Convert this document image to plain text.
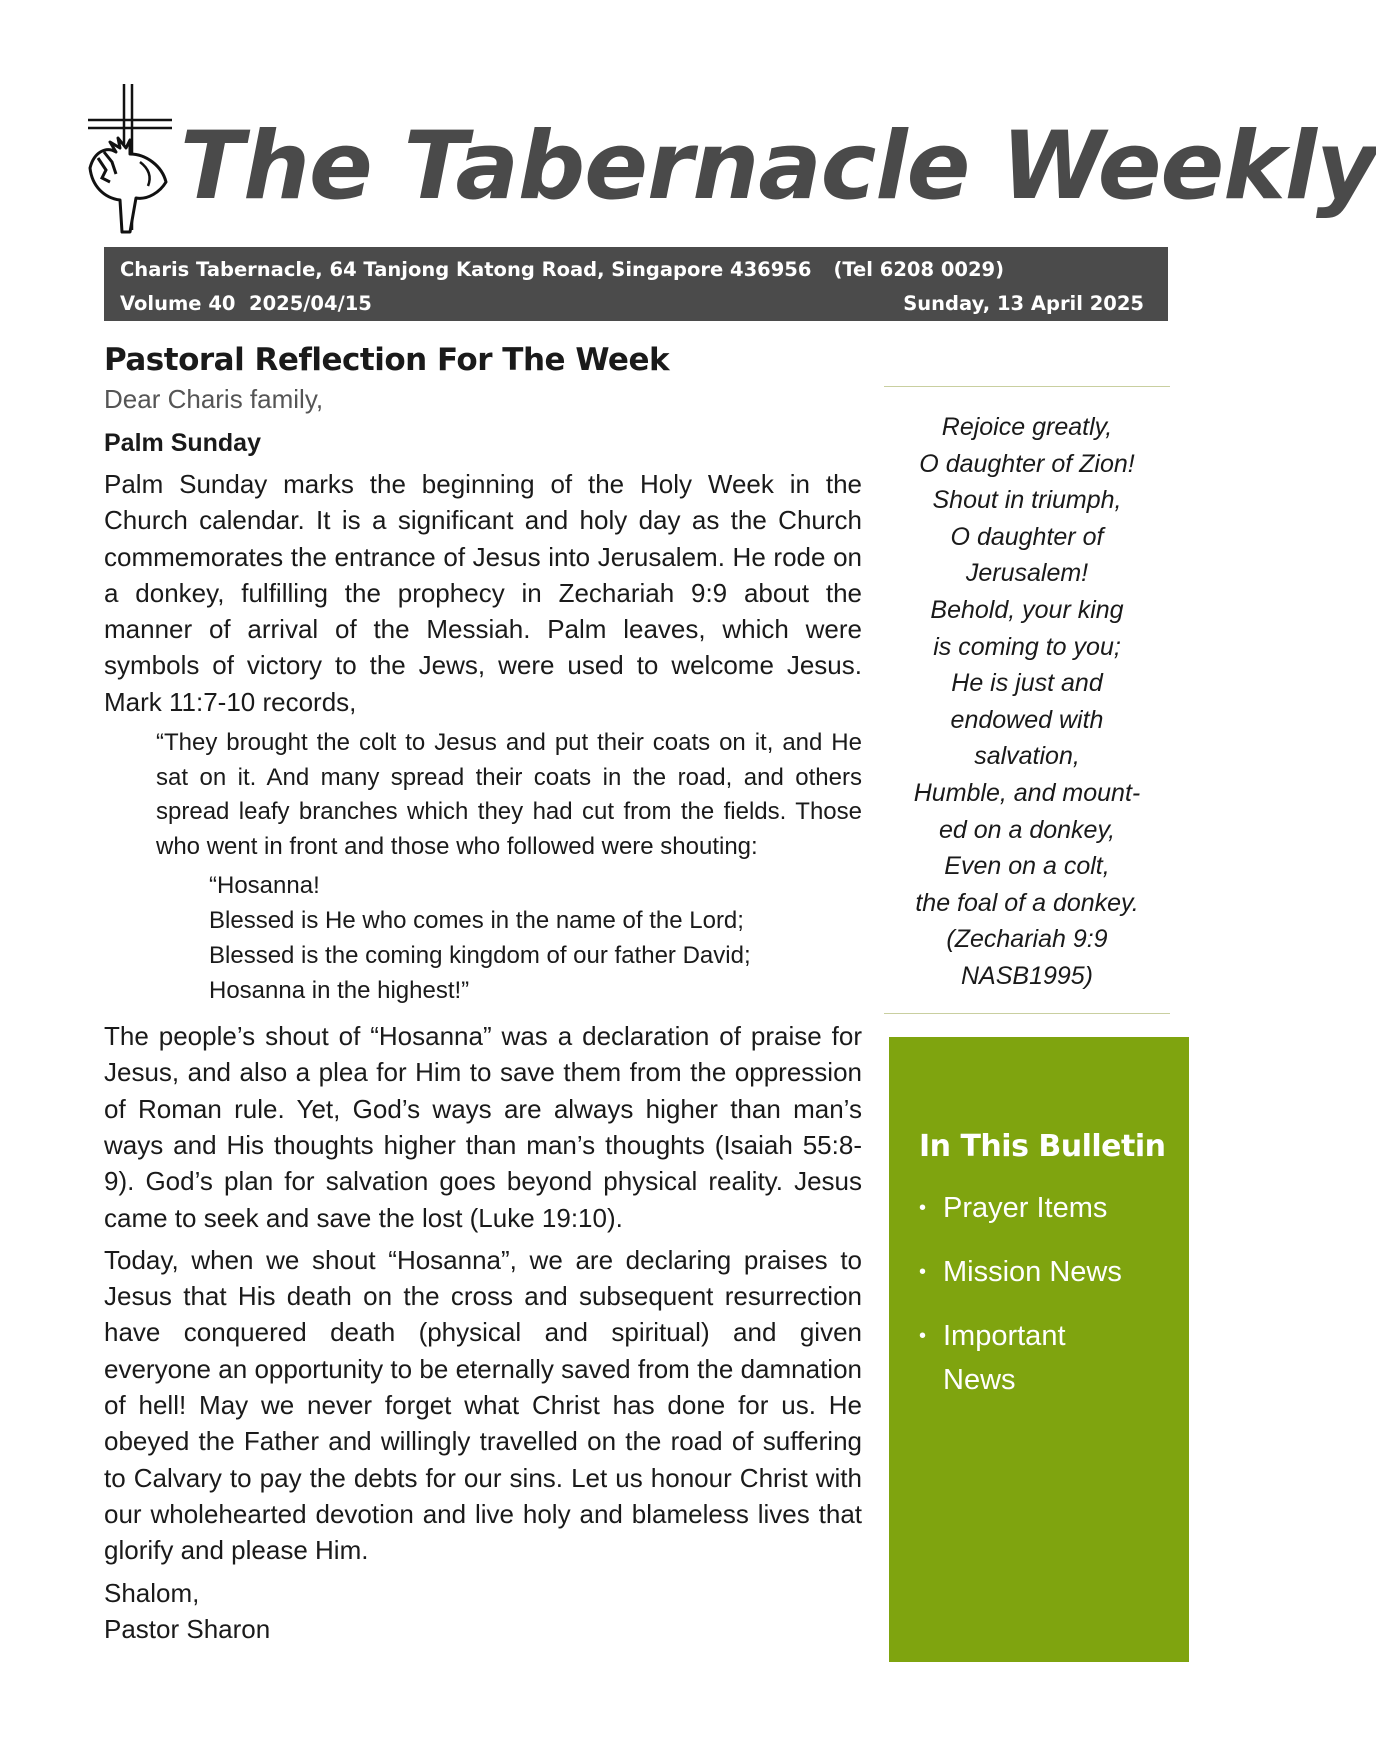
The Tabernacle Weekly
Charis Tabernacle, 64 Tanjong Katong Road, Singapore 436956 (Tel 6208 0029)
Volume 40  2025/04/15	Sunday, 13 April 2025
Pastoral Reflection For The Week

Dear Charis family,

Palm Sunday

Palm Sunday marks the beginning of the Holy Week in the Church calendar. It is a significant and holy day as the Church commemorates the entrance of Jesus into Jerusalem. He rode on a donkey, fulfilling the prophecy in Zechariah 9:9 about the manner of arrival of the Messiah. Palm leaves, which were symbols of victory to the Jews, were used to welcome Jesus. Mark 11:7-10 records,

“They brought the colt to Jesus and put their coats on it, and He sat on it. And many spread their coats in the road, and others spread leafy branches which they had cut from the fields. Those who went in front and those who followed were shouting:

“Hosanna!
Blessed is He who comes in the name of the Lord;
Blessed is the coming kingdom of our father David;
Hosanna in the highest!”

The people’s shout of “Hosanna” was a declaration of praise for Jesus, and also a plea for Him to save them from the oppression of Roman rule. Yet, God’s ways are always higher than man’s ways and His thoughts higher than man’s thoughts (Isaiah 55:8-9). God’s plan for salvation goes beyond physical reality. Jesus came to seek and save the lost (Luke 19:10).

Today, when we shout “Hosanna”, we are declaring praises to Jesus that His death on the cross and subsequent resurrection have conquered death (physical and spiritual) and given everyone an opportunity to be eternally saved from the damnation of hell! May we never forget what Christ has done for us. He obeyed the Father and willingly travelled on the road of suffering to Calvary to pay the debts for our sins. Let us honour Christ with our wholehearted devotion and live holy and blameless lives that glorify and please Him.

Shalom,
Pastor Sharon
Rejoice greatly,
O daughter of Zion!
Shout in triumph,
O daughter of
Jerusalem!
Behold, your king
is coming to you;
He is just and
endowed with
salvation,
Humble, and mount-
ed on a donkey,
Even on a colt,
the foal of a donkey.
(Zechariah 9:9
NASB1995)
In This Bulletin
• Prayer Items
• Mission News
• Important News
